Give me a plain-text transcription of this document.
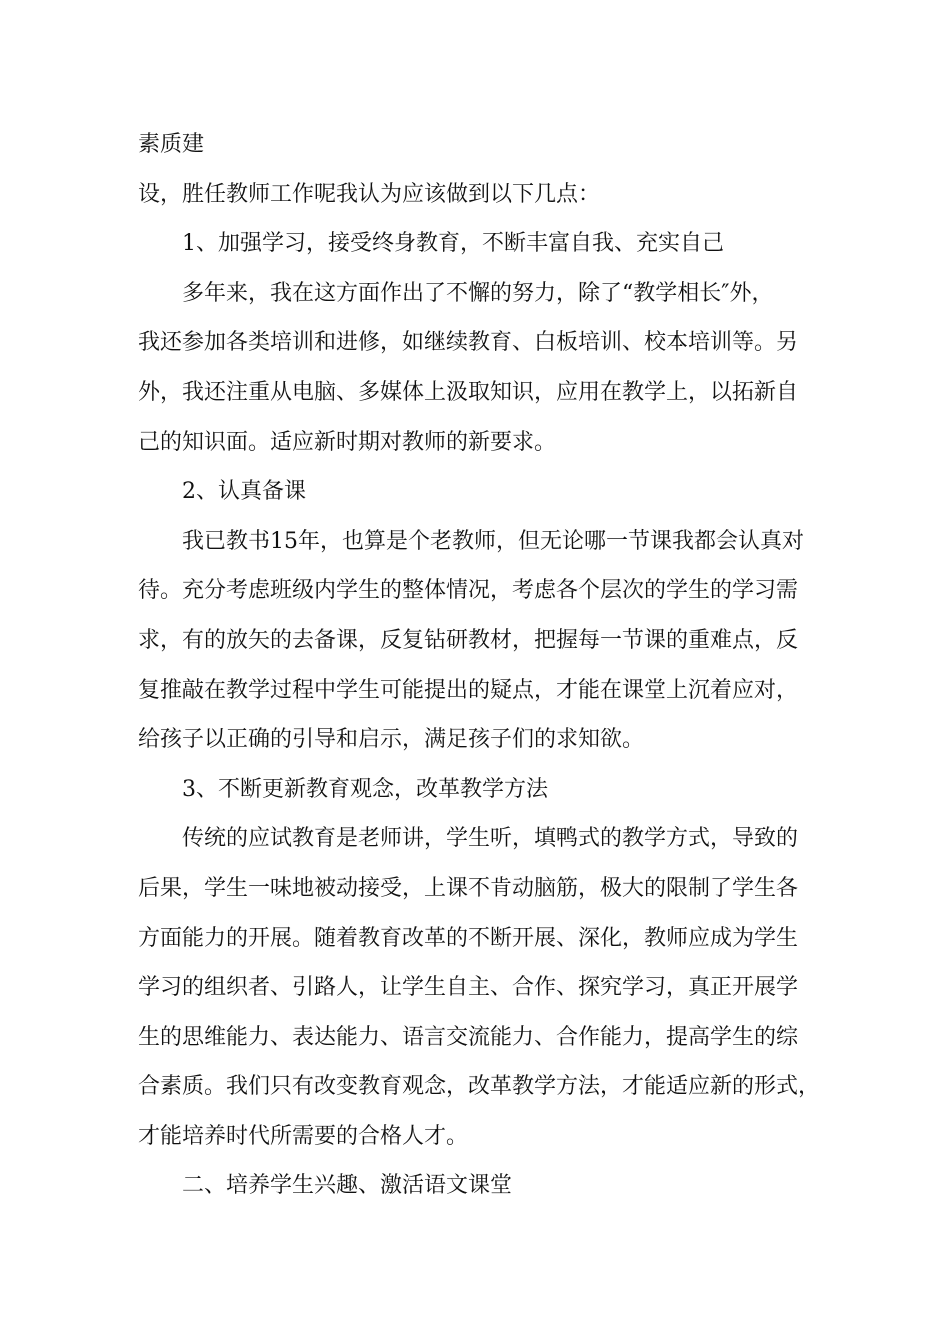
素质建
设，胜任教师工作呢我认为应该做到以下几点：
1、加强学习，接受终身教育，不断丰富自我、充实自己
多年来，我在这方面作出了不懈的努力，除了“教学相长″外，
我还参加各类培训和进修，如继续教育、白板培训、校本培训等。另
外，我还注重从电脑、多媒体上汲取知识，应用在教学上，以拓新自
己的知识面。适应新时期对教师的新要求。
2、认真备课
我已教书15年，也算是个老教师，但无论哪一节课我都会认真对
待。充分考虑班级内学生的整体情况，考虑各个层次的学生的学习需
求，有的放矢的去备课，反复钻研教材，把握每一节课的重难点，反
复推敲在教学过程中学生可能提出的疑点，才能在课堂上沉着应对，
给孩子以正确的引导和启示，满足孩子们的求知欲。
3、不断更新教育观念，改革教学方法
传统的应试教育是老师讲，学生听，填鸭式的教学方式，导致的
后果，学生一味地被动接受，上课不肯动脑筋，极大的限制了学生各
方面能力的开展。随着教育改革的不断开展、深化，教师应成为学生
学习的组织者、引路人，让学生自主、合作、探究学习，真正开展学
生的思维能力、表达能力、语言交流能力、合作能力，提高学生的综
合素质。我们只有改变教育观念，改革教学方法，才能适应新的形式，
才能培养时代所需要的合格人才。
二、培养学生兴趣、激活语文课堂
